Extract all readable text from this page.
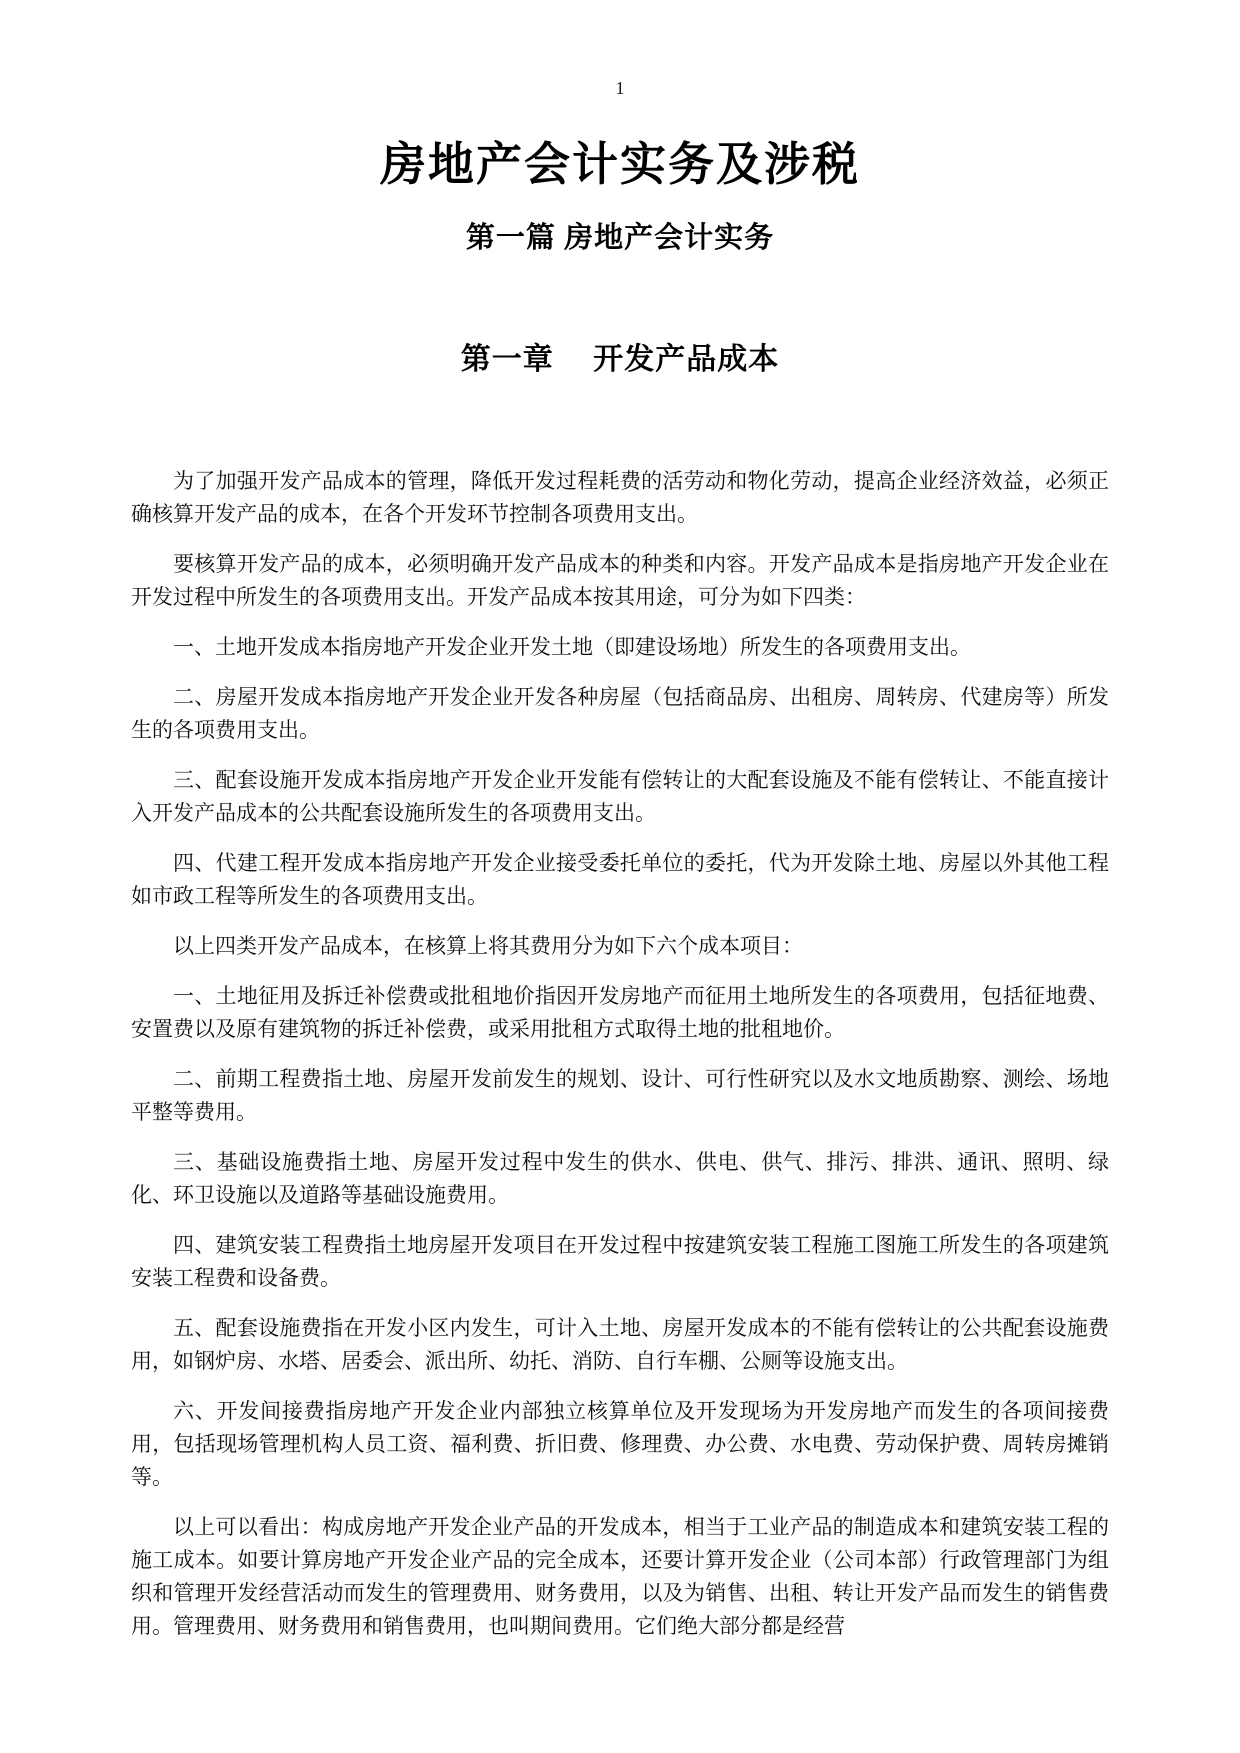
1
房地产会计实务及涉税
第一篇 房地产会计实务
第一章　 开发产品成本

为了加强开发产品成本的管理，降低开发过程耗费的活劳动和物化劳动，提高企业经济效益，必须正确核算开发产品的成本，在各个开发环节控制各项费用支出。

要核算开发产品的成本，必须明确开发产品成本的种类和内容。开发产品成本是指房地产开发企业在开发过程中所发生的各项费用支出。开发产品成本按其用途，可分为如下四类：

一、土地开发成本指房地产开发企业开发土地（即建设场地）所发生的各项费用支出。

二、房屋开发成本指房地产开发企业开发各种房屋（包括商品房、出租房、周转房、代建房等）所发生的各项费用支出。

三、配套设施开发成本指房地产开发企业开发能有偿转让的大配套设施及不能有偿转让、不能直接计入开发产品成本的公共配套设施所发生的各项费用支出。

四、代建工程开发成本指房地产开发企业接受委托单位的委托，代为开发除土地、房屋以外其他工程如市政工程等所发生的各项费用支出。

以上四类开发产品成本，在核算上将其费用分为如下六个成本项目：

一、土地征用及拆迁补偿费或批租地价指因开发房地产而征用土地所发生的各项费用，包括征地费、安置费以及原有建筑物的拆迁补偿费，或采用批租方式取得土地的批租地价。

二、前期工程费指土地、房屋开发前发生的规划、设计、可行性研究以及水文地质勘察、测绘、场地平整等费用。

三、基础设施费指土地、房屋开发过程中发生的供水、供电、供气、排污、排洪、通讯、照明、绿化、环卫设施以及道路等基础设施费用。

四、建筑安装工程费指土地房屋开发项目在开发过程中按建筑安装工程施工图施工所发生的各项建筑安装工程费和设备费。

五、配套设施费指在开发小区内发生，可计入土地、房屋开发成本的不能有偿转让的公共配套设施费用，如钢炉房、水塔、居委会、派出所、幼托、消防、自行车棚、公厕等设施支出。

六、开发间接费指房地产开发企业内部独立核算单位及开发现场为开发房地产而发生的各项间接费用，包括现场管理机构人员工资、福利费、折旧费、修理费、办公费、水电费、劳动保护费、周转房摊销等。

以上可以看出：构成房地产开发企业产品的开发成本，相当于工业产品的制造成本和建筑安装工程的施工成本。如要计算房地产开发企业产品的完全成本，还要计算开发企业（公司本部）行政管理部门为组织和管理开发经营活动而发生的管理费用、财务费用，以及为销售、出租、转让开发产品而发生的销售费用。管理费用、财务费用和销售费用，也叫期间费用。它们绝大部分都是经营
